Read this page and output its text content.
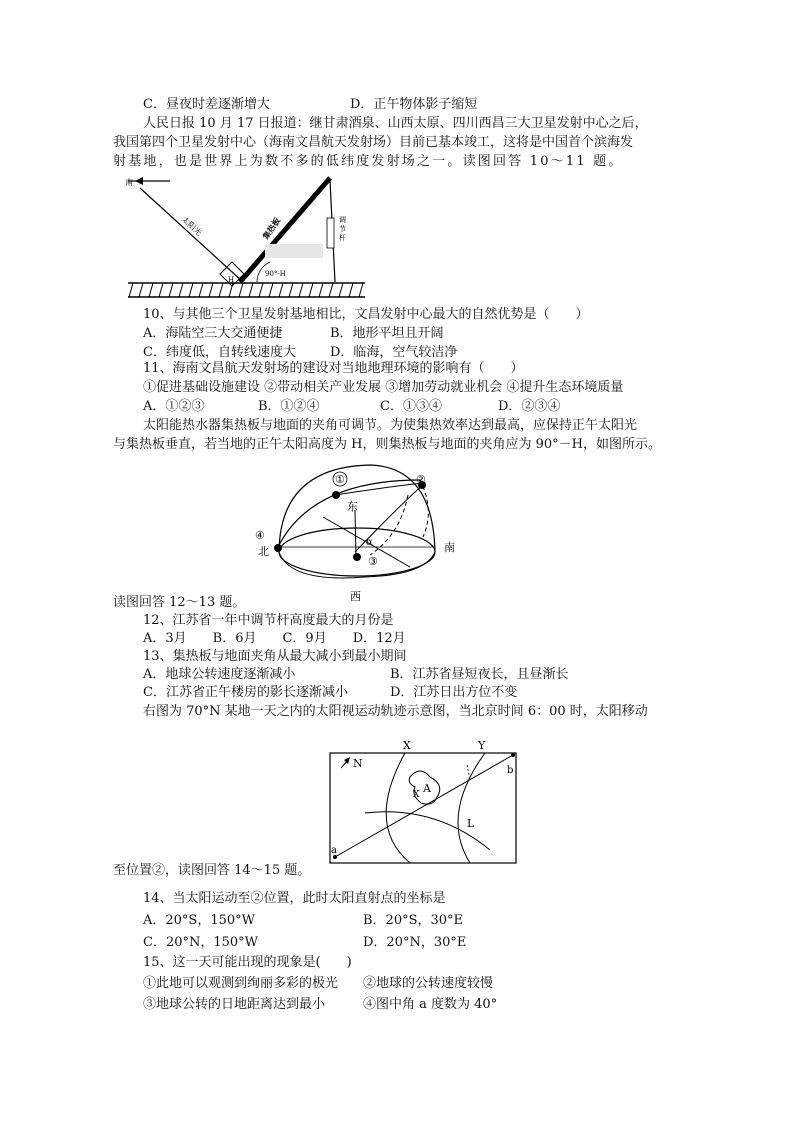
C．昼夜时差逐渐增大	D．正午物体影子缩短
人民日报 10 月 17 日报道：继甘肃酒泉、山西太原、四川西昌三大卫星发射中心之后，
我国第四个卫星发射中心（海南文昌航天发射场）目前已基本竣工，这将是中国首个滨海发
射基地，也是世界上为数不多的低纬度发射场之一。读图回答 10～11 题。
南
太阳光	集热板	调节杆
H
90°-H
10、与其他三个卫星发射基地相比，文昌发射中心最大的自然优势是（　　）
A．海陆空三大交通便捷	B．地形平坦且开阔
C．纬度低，自转线速度大	D．临海，空气较洁净
11、海南文昌航天发射场的建设对当地地理环境的影响有（　　）
①促进基础设施建设 ②带动相关产业发展 ③增加劳动就业机会 ④提升生态环境质量
A．①②③	B．①②④	C．①③④	D．②③④
太阳能热水器集热板与地面的夹角可调节。为使集热效率达到最高，应保持正午太阳光
与集热板垂直，若当地的正午太阳高度为 H，则集热板与地面的夹角应为 90°－H，如图所示。
①	②
④
③
东
南
西
北
α
读图回答 12～13 题。
12、江苏省一年中调节杆高度最大的月份是
A．3月　　B．6月　　C．9月　　D．12月
13、集热板与地面夹角从最大减小到最小期间
A．地球公转速度逐渐减小	B．江苏省昼短夜长，且昼渐长
C．江苏省正午楼房的影长逐渐减小	D．江苏日出方位不变
右图为 70°N 某地一天之内的太阳视运动轨迹示意图，当北京时间 6：00 时，太阳移动
X	Y
N
A
X
L
a
b
至位置②，读图回答 14～15 题。
14、当太阳运动至②位置，此时太阳直射点的坐标是
A．20°S，150°W	B．20°S，30°E
C．20°N，150°W	D．20°N，30°E
15、这一天可能出现的现象是(　　)
①此地可以观测到绚丽多彩的极光 ②地球的公转速度较慢
③地球公转的日地距离达到最小	④图中角 a 度数为 40°
